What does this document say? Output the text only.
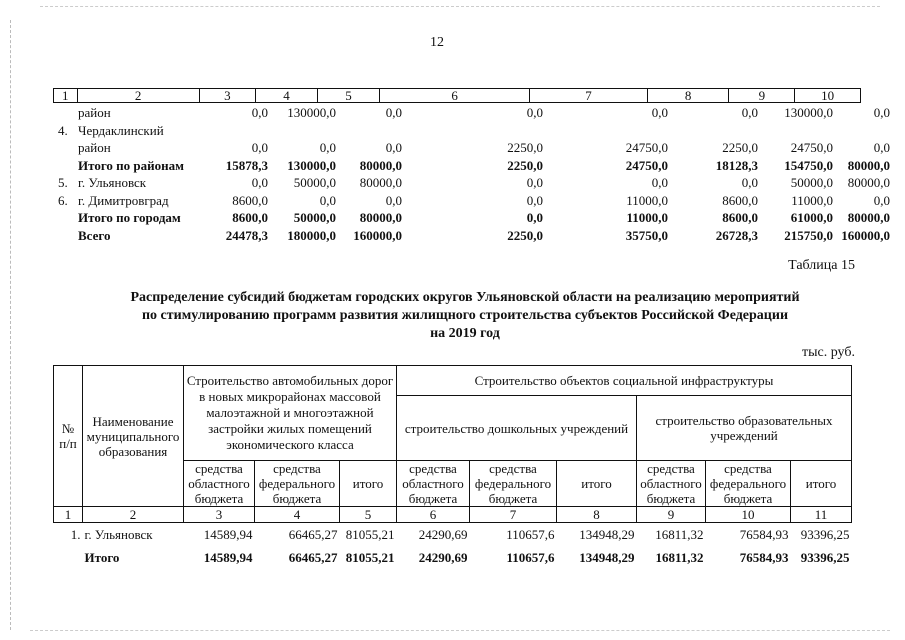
12
1	2	3	4	5	6	7	8	9	10
район	0,0	130000,0	0,0	0,0	0,0	0,0	130000,0	0,0
4. Чердаклинский
район	0,0	0,0	0,0	2250,0	24750,0	2250,0	24750,0	0,0
Итого по районам	15878,3	130000,0	80000,0	2250,0	24750,0	18128,3	154750,0	80000,0
5. г. Ульяновск	0,0	50000,0	80000,0	0,0	0,0	0,0	50000,0	80000,0
6. г. Димитровград	8600,0	0,0	0,0	0,0	11000,0	8600,0	11000,0	0,0
Итого по городам	8600,0	50000,0	80000,0	0,0	11000,0	8600,0	61000,0	80000,0
Всего	24478,3	180000,0	160000,0	2250,0	35750,0	26728,3	215750,0 160000,0
Таблица 15
Распределение субсидий бюджетам городских округов Ульяновской области на реализацию мероприятий
по стимулированию программ развития жилищного строительства субъектов Российской Федерации
на 2019 год
тыс. руб.
№ п/п	Наименование муниципального образования	Строительство автомобильных дорог в новых микрорайонах массовой малоэтажной и многоэтажной застройки жилых помещений экономического класса			Строительство объектов социальной инфраструктуры					
					строительство дошкольных учреждений			строительство образовательных учреждений		
		средства областного бюджета	средства федерального бюджета	итого	средства областного бюджета	средства федерального бюджета	итого	средства областного бюджета	средства федерального бюджета	итого
1	2	3	4	5	6	7	8	9	10	11
1.	г. Ульяновск	14589,94	66465,27	81055,21	24290,69	110657,6	134948,29	16811,32	76584,93	93396,25
	Итого	14589,94	66465,27	81055,21	24290,69	110657,6	134948,29	16811,32	76584,93	93396,25
